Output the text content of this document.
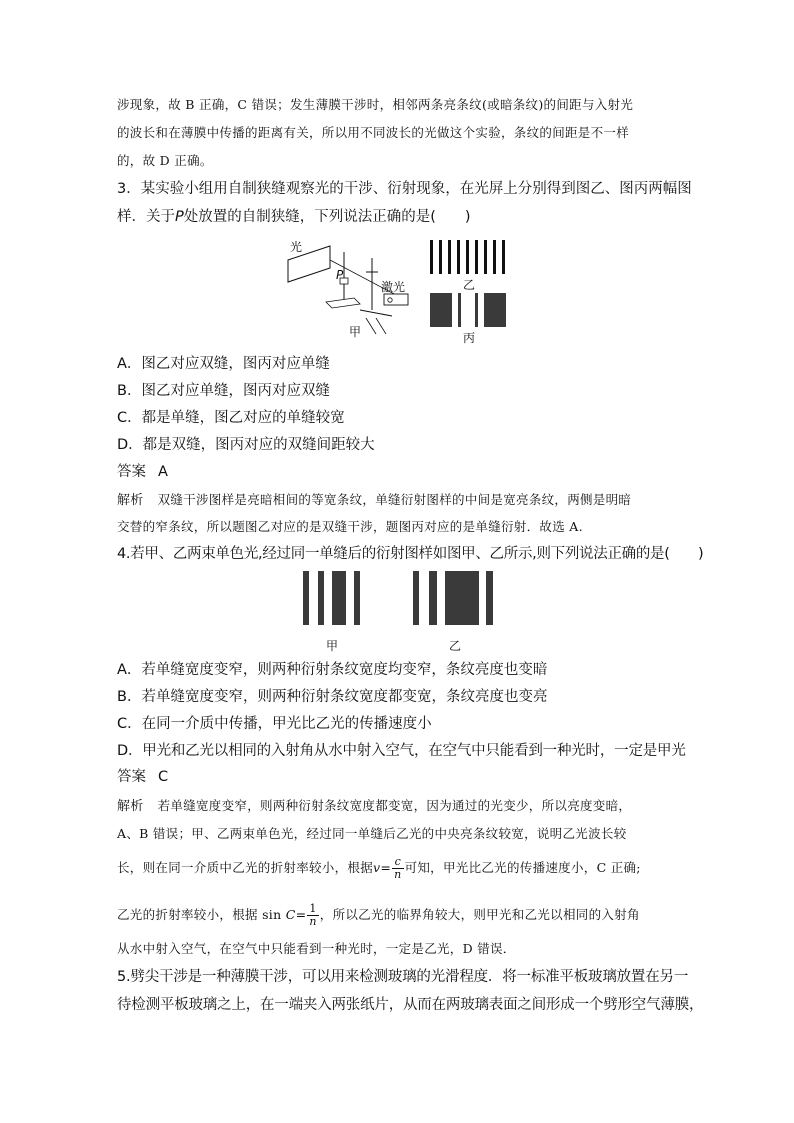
涉现象，故 B 正确，C 错误；发生薄膜干涉时，相邻两条亮条纹(或暗条纹)的间距与入射光
的波长和在薄膜中传播的距离有关，所以用不同波长的光做这个实验，条纹的间距是不一样
的，故 D 正确。
3．某实验小组用自制狭缝观察光的干涉、衍射现象，在光屏上分别得到图乙、图丙两幅图
样．关于P处放置的自制狭缝，下列说法正确的是(　　)
光
P
激光
甲
乙
丙
A．图乙对应双缝，图丙对应单缝
B．图乙对应单缝，图丙对应双缝
C．都是单缝，图乙对应的单缝较宽
D．都是双缝，图丙对应的双缝间距较大
答案 A
解析 双缝干涉图样是亮暗相间的等宽条纹，单缝衍射图样的中间是宽亮条纹，两侧是明暗
交替的窄条纹，所以题图乙对应的是双缝干涉，题图丙对应的是单缝衍射．故选 A.
4.若甲、乙两束单色光,经过同一单缝后的衍射图样如图甲、乙所示,则下列说法正确的是(　　)
甲	乙
A．若单缝宽度变窄，则两种衍射条纹宽度均变窄，条纹亮度也变暗
B．若单缝宽度变窄，则两种衍射条纹宽度都变宽，条纹亮度也变亮
C．在同一介质中传播，甲光比乙光的传播速度小
D．甲光和乙光以相同的入射角从水中射入空气，在空气中只能看到一种光时，一定是甲光
答案 C
解析 若单缝宽度变窄，则两种衍射条纹宽度都变宽，因为通过的光变少，所以亮度变暗，
A、B 错误；甲、乙两束单色光，经过同一单缝后乙光的中央亮条纹较宽，说明乙光波长较
长，则在同一介质中乙光的折射率较小，根据$v= \frac{c}{n}$ 可知，甲光比乙光的传播速度小，C 正确;
乙光的折射率较小，根据 $\sin C= \frac{1}{n}$ ，所以乙光的临界角较大，则甲光和乙光以相同的入射角
从水中射入空气，在空气中只能看到一种光时，一定是乙光，D 错误．
5.劈尖干涉是一种薄膜干涉，可以用来检测玻璃的光滑程度．将一标准平板玻璃放置在另一
待检测平板玻璃之上，在一端夹入两张纸片，从而在两玻璃表面之间形成一个劈形空气薄膜，
